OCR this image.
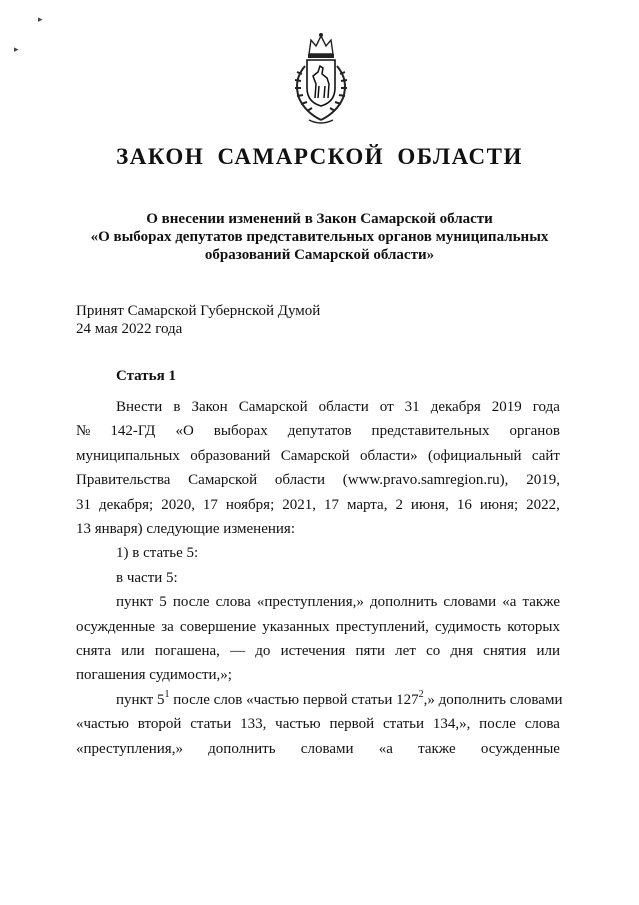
ЗАКОН САМАРСКОЙ ОБЛАСТИ
О внесении изменений в Закон Самарской области
«О выборах депутатов представительных органов муниципальных
образований Самарской области»
Принят Самарской Губернской Думой
24 мая 2022 года
Статья 1
Внести в Закон Самарской области от 31 декабря 2019 года
№ 142-ГД «О выборах депутатов представительных органов
муниципальных образований Самарской области» (официальный сайт
Правительства Самарской области (www.pravo.samregion.ru), 2019,
31 декабря; 2020, 17 ноября; 2021, 17 марта, 2 июня, 16 июня; 2022,
13 января) следующие изменения:
1) в статье 5:
в части 5:
пункт 5 после слова «преступления,» дополнить словами «а также
осужденные за совершение указанных преступлений, судимость которых
снята или погашена, — до истечения пяти лет со дня снятия или
погашения судимости,»;
пункт $5^1$ после слов «частью первой статьи $127^2$,» дополнить словами
«частью второй статьи 133, частью первой статьи 134,», после слова
«преступления,» дополнить словами «а также осужденные
▸
▸
